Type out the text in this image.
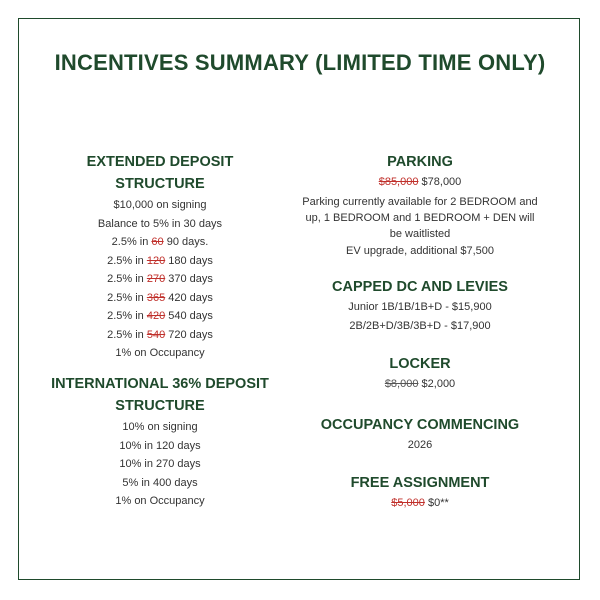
INCENTIVES SUMMARY (LIMITED TIME ONLY)
EXTENDED DEPOSIT
STRUCTURE
$10,000 on signing
Balance to 5% in 30 days
2.5% in 60 90 days.
2.5% in 120 180 days
2.5% in 270 370 days
2.5% in 365 420 days
2.5% in 420 540 days
2.5% in 540 720 days
1% on Occupancy
INTERNATIONAL 36% DEPOSIT
STRUCTURE
10% on signing
10% in 120 days
10% in 270 days
5% in 400 days
1% on Occupancy
PARKING
$85,000 $78,000
Parking currently available for 2 BEDROOM and up, 1 BEDROOM and 1 BEDROOM + DEN will be waitlisted
EV upgrade, additional $7,500
CAPPED DC AND LEVIES
Junior 1B/1B/1B+D - $15,900
2B/2B+D/3B/3B+D - $17,900
LOCKER
$8,000 $2,000
OCCUPANCY COMMENCING
2026
FREE ASSIGNMENT
$5,000 $0**
